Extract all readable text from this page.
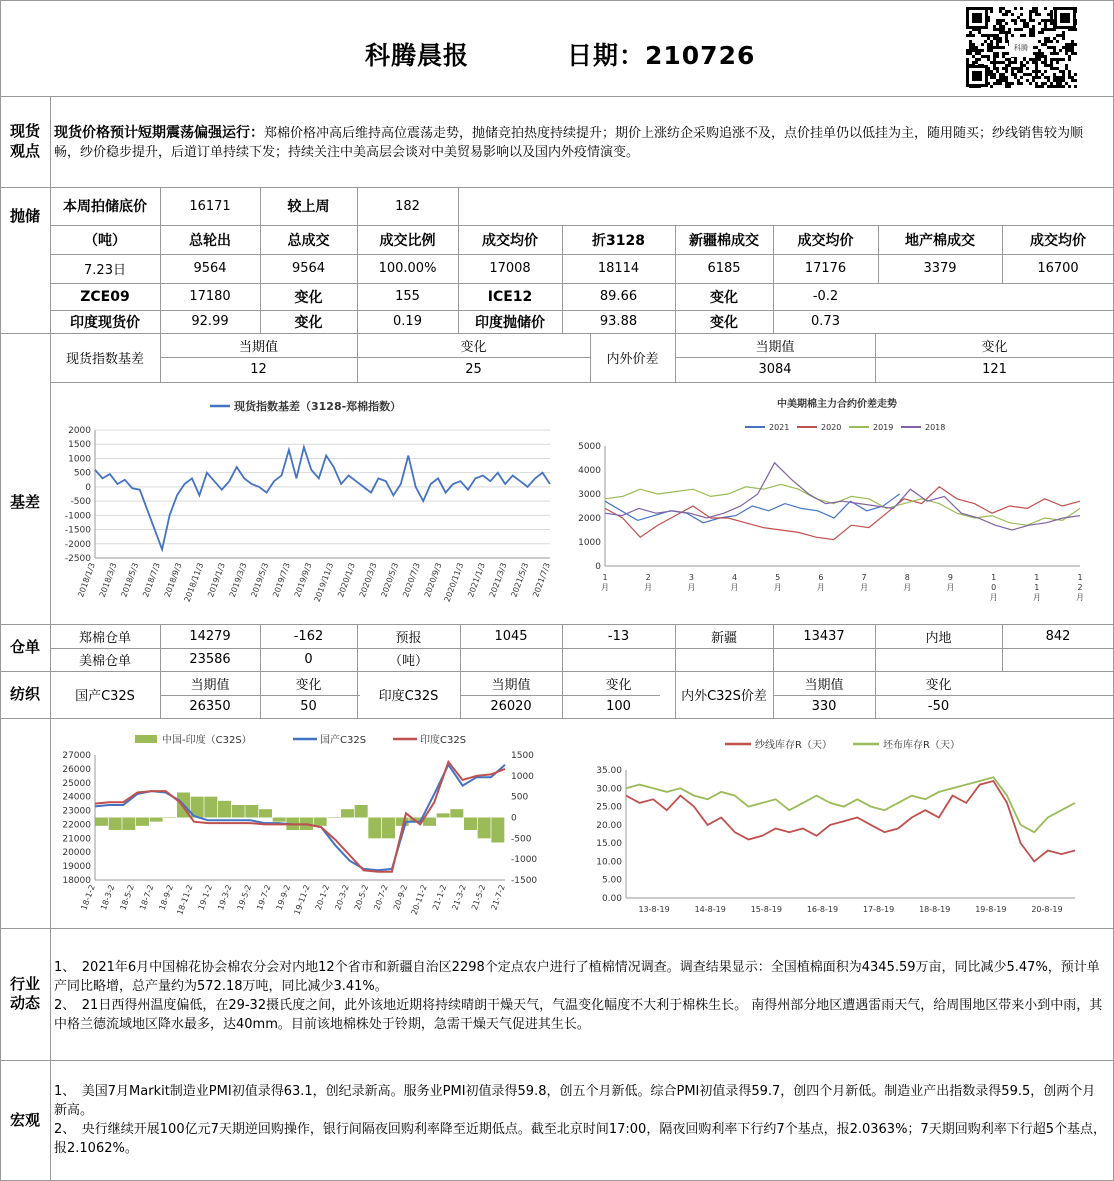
科腾晨报	日期：210726	科腾
现货
观点
抛储
基差
仓单
纺织
行业
动态
宏观
现货价格预计短期震荡偏强运行：郑棉价格冲高后维持高位震荡走势，抛储竞拍热度持续提升；期价上涨纺企采购追涨不及，点价挂单仍以低挂为主，随用随买；纱线销售较为顺畅，纱价稳步提升，后道订单持续下发；持续关注中美高层会谈对中美贸易影响以及国内外疫情演变。
本周拍储底价	16171	较上周	182
（吨）	总轮出	总成交	成交比例	成交均价	折3128	新疆棉成交	成交均价	地产棉成交	成交均价
7.23日	9564	9564	100.00%	17008	18114	6185	17176	3379	16700
ZCE09	17180	变化	155	ICE12	89.66	变化	-0.2
印度现货价	92.99	变化	0.19	印度抛储价	93.88	变化	0.73
现货指数基差
当期值	变化
12	25
内外价差
当期值	变化
3084	121
现货指数基差（3128-郑棉指数）
2000
1500
1000
500
0
-500
-1000
-1500
-2000
-2500
2018/1/3 2018/3/3 2018/5/3 2018/7/3 2018/9/3 2018/11/3 2019/1/3 2019/3/3 2019/5/3 2019/7/3 2019/9/3 2019/11/3 2020/1/3 2020/3/3 2020/5/3 2020/7/3 2020/9/3 2020/11/3 2021/1/3 2021/3/3 2021/5/3 2021/7/3
中美期棉主力合约价差走势
2021	2020	2019	2018
5000
4000
3000
2000
1000
0
1 月
2 月
3 月
4 月
5 月
6 月
7 月
8 月
9 月
1 0 月
1 1 月
1 2 月
郑棉仓单	14279	-162	预报	1045	-13	新疆	13437	内地	842
美棉仓单	23586	0	（吨）
国产C32S
当期值	变化
26350	50
印度C32S
当期值	变化
26020	100
内外C32S价差
当期值	变化
330	-50
中国-印度（C32S）	国产C32S	印度C32S
1500
1000
500
0
-500
-1000
-1500
27000
26000
25000
24000
23000
22000
21000
20000
19000
18000
18-1-2 18-3-2 18-5-2 18-7-2 18-9-2 18-11-2 19-1-2 19-3-2 19-5-2 19-7-2 19-9-2 19-11-2 20-1-2 20-3-2 20-5-2 20-7-2 20-9-2 20-11-2 21-1-2 21-3-2 21-5-2 21-7-2
纱线库存R（天）	坯布库存R（天）
35.00
30.00
25.00
20.00
15.00
10.00
5.00
0.00
13-8-19	14-8-19	15-8-19	16-8-19	17-8-19	18-8-19	19-8-19	20-8-19
1、　2021年6月中国棉花协会棉农分会对内地12个省市和新疆自治区2298个定点农户进行了植棉情况调查。调查结果显示：全国植棉面积为4345.59万亩，同比减少5.47%，预计单产同比略增，总产量约为572.18万吨，同比减少3.41%。
2、　21日西得州温度偏低，在29-32摄氏度之间，此外该地近期将持续晴朗干燥天气，气温变化幅度不大利于棉株生长。 南得州部分地区遭遇雷雨天气，给周围地区带来小到中雨，其中格兰德流域地区降水最多，达40mm。目前该地棉株处于铃期，急需干燥天气促进其生长。
1、　美国7月Markit制造业PMI初值录得63.1，创纪录新高。服务业PMI初值录得59.8，创五个月新低。综合PMI初值录得59.7，创四个月新低。制造业产出指数录得59.5，创两个月新高。
2、　央行继续开展100亿元7天期逆回购操作，银行间隔夜回购利率降至近期低点。截至北京时间17:00，隔夜回购利率下行约7个基点，报2.0363%；7天期回购利率下行超5个基点，报2.1062%。
